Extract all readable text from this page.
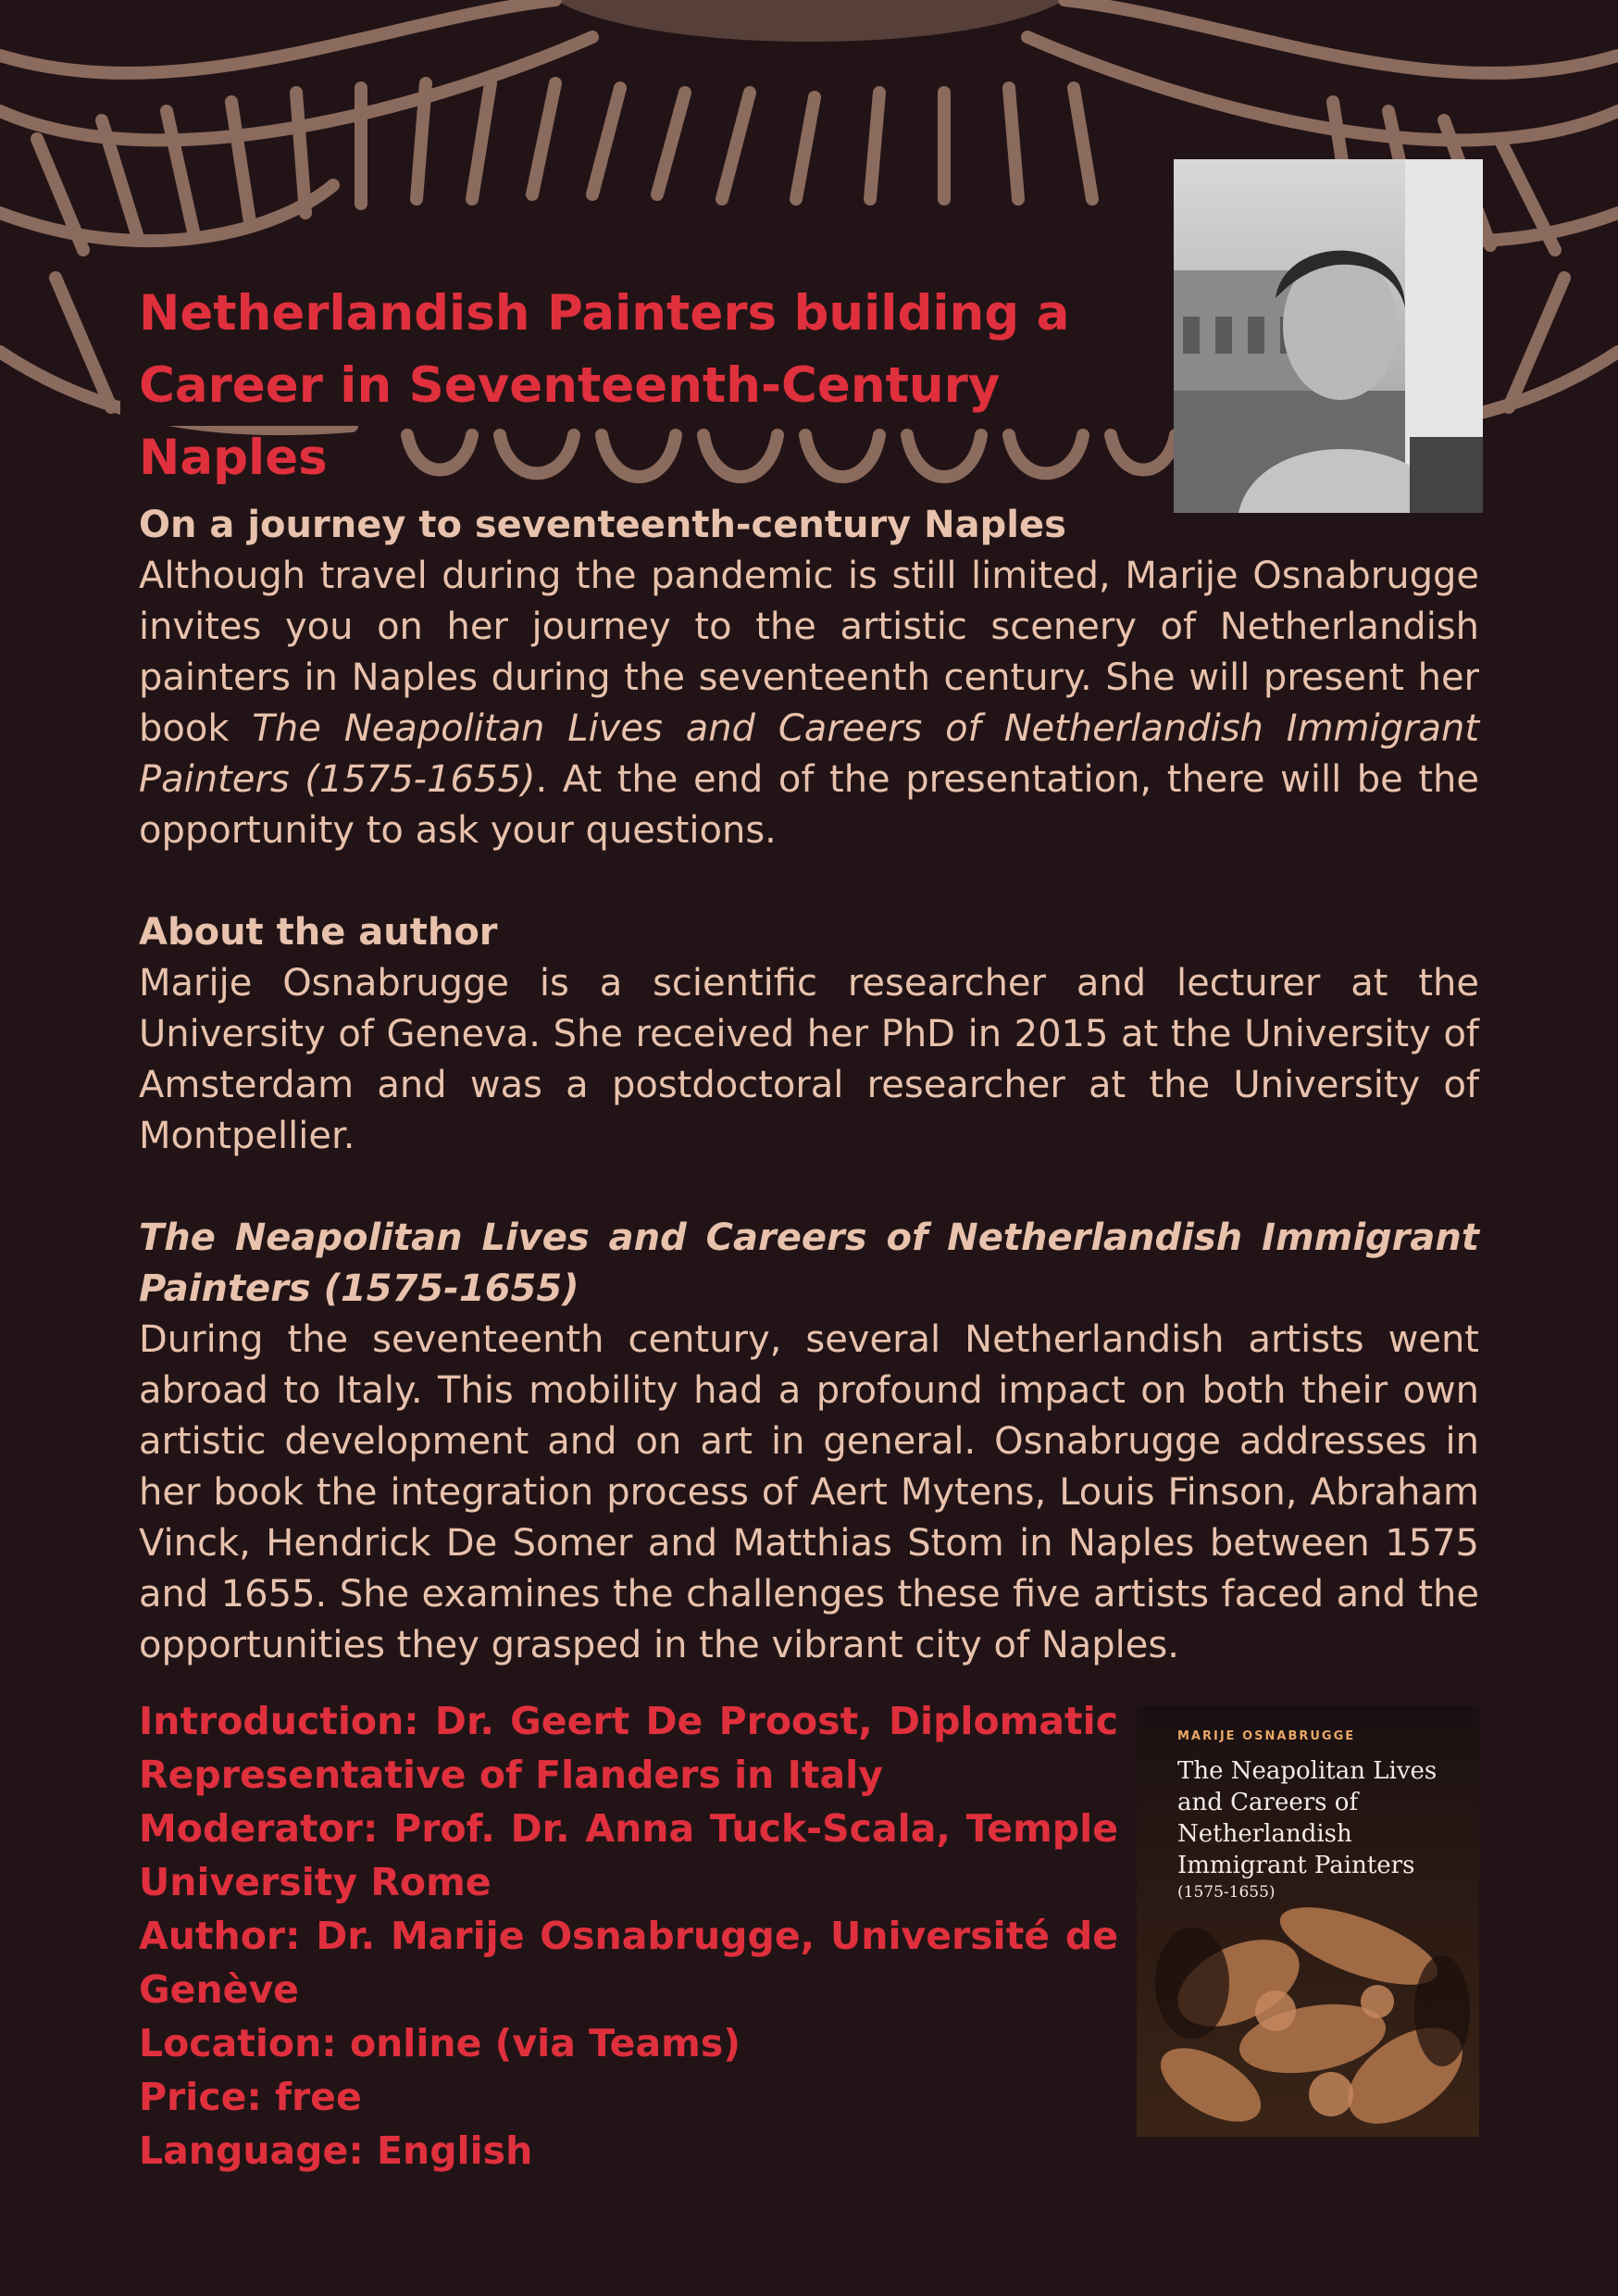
Netherlandish Painters building a
Career in Seventeenth-Century Naples
On a journey to seventeenth-century Naples

Although travel during the pandemic is still limited, Marije Osnabrugge invites you on her journey to the artistic scenery of Netherlandish painters in Naples during the seventeenth century. She will present her book The Neapolitan Lives and Careers of Netherlandish Immigrant Painters (1575-1655). At the end of the presentation, there will be the opportunity to ask your questions.

About the author

Marije Osnabrugge is a scientific researcher and lecturer at the University of Geneva. She received her PhD in 2015 at the University of Amsterdam and was a postdoctoral researcher at the University of Montpellier.

The Neapolitan Lives and Careers of Netherlandish Immigrant Painters (1575-1655)

During the seventeenth century, several Netherlandish artists went abroad to Italy. This mobility had a profound impact on both their own artistic development and on art in general. Osnabrugge addresses in her book the integration process of Aert Mytens, Louis Finson, Abraham Vinck, Hendrick De Somer and Matthias Stom in Naples between 1575 and 1655. She examines the challenges these five artists faced and the opportunities they grasped in the vibrant city of Naples.

Introduction: Dr. Geert De Proost, Diplomatic Representative of Flanders in Italy
Moderator: Prof. Dr. Anna Tuck-Scala, Temple University Rome
Author: Dr. Marije Osnabrugge, Université de Genève
Location: online (via Teams)
Price: free
Language: English
MARIJE OSNABRUGGE
The Neapolitan Lives and Careers of Netherlandish Immigrant Painters
(1575-1655)
